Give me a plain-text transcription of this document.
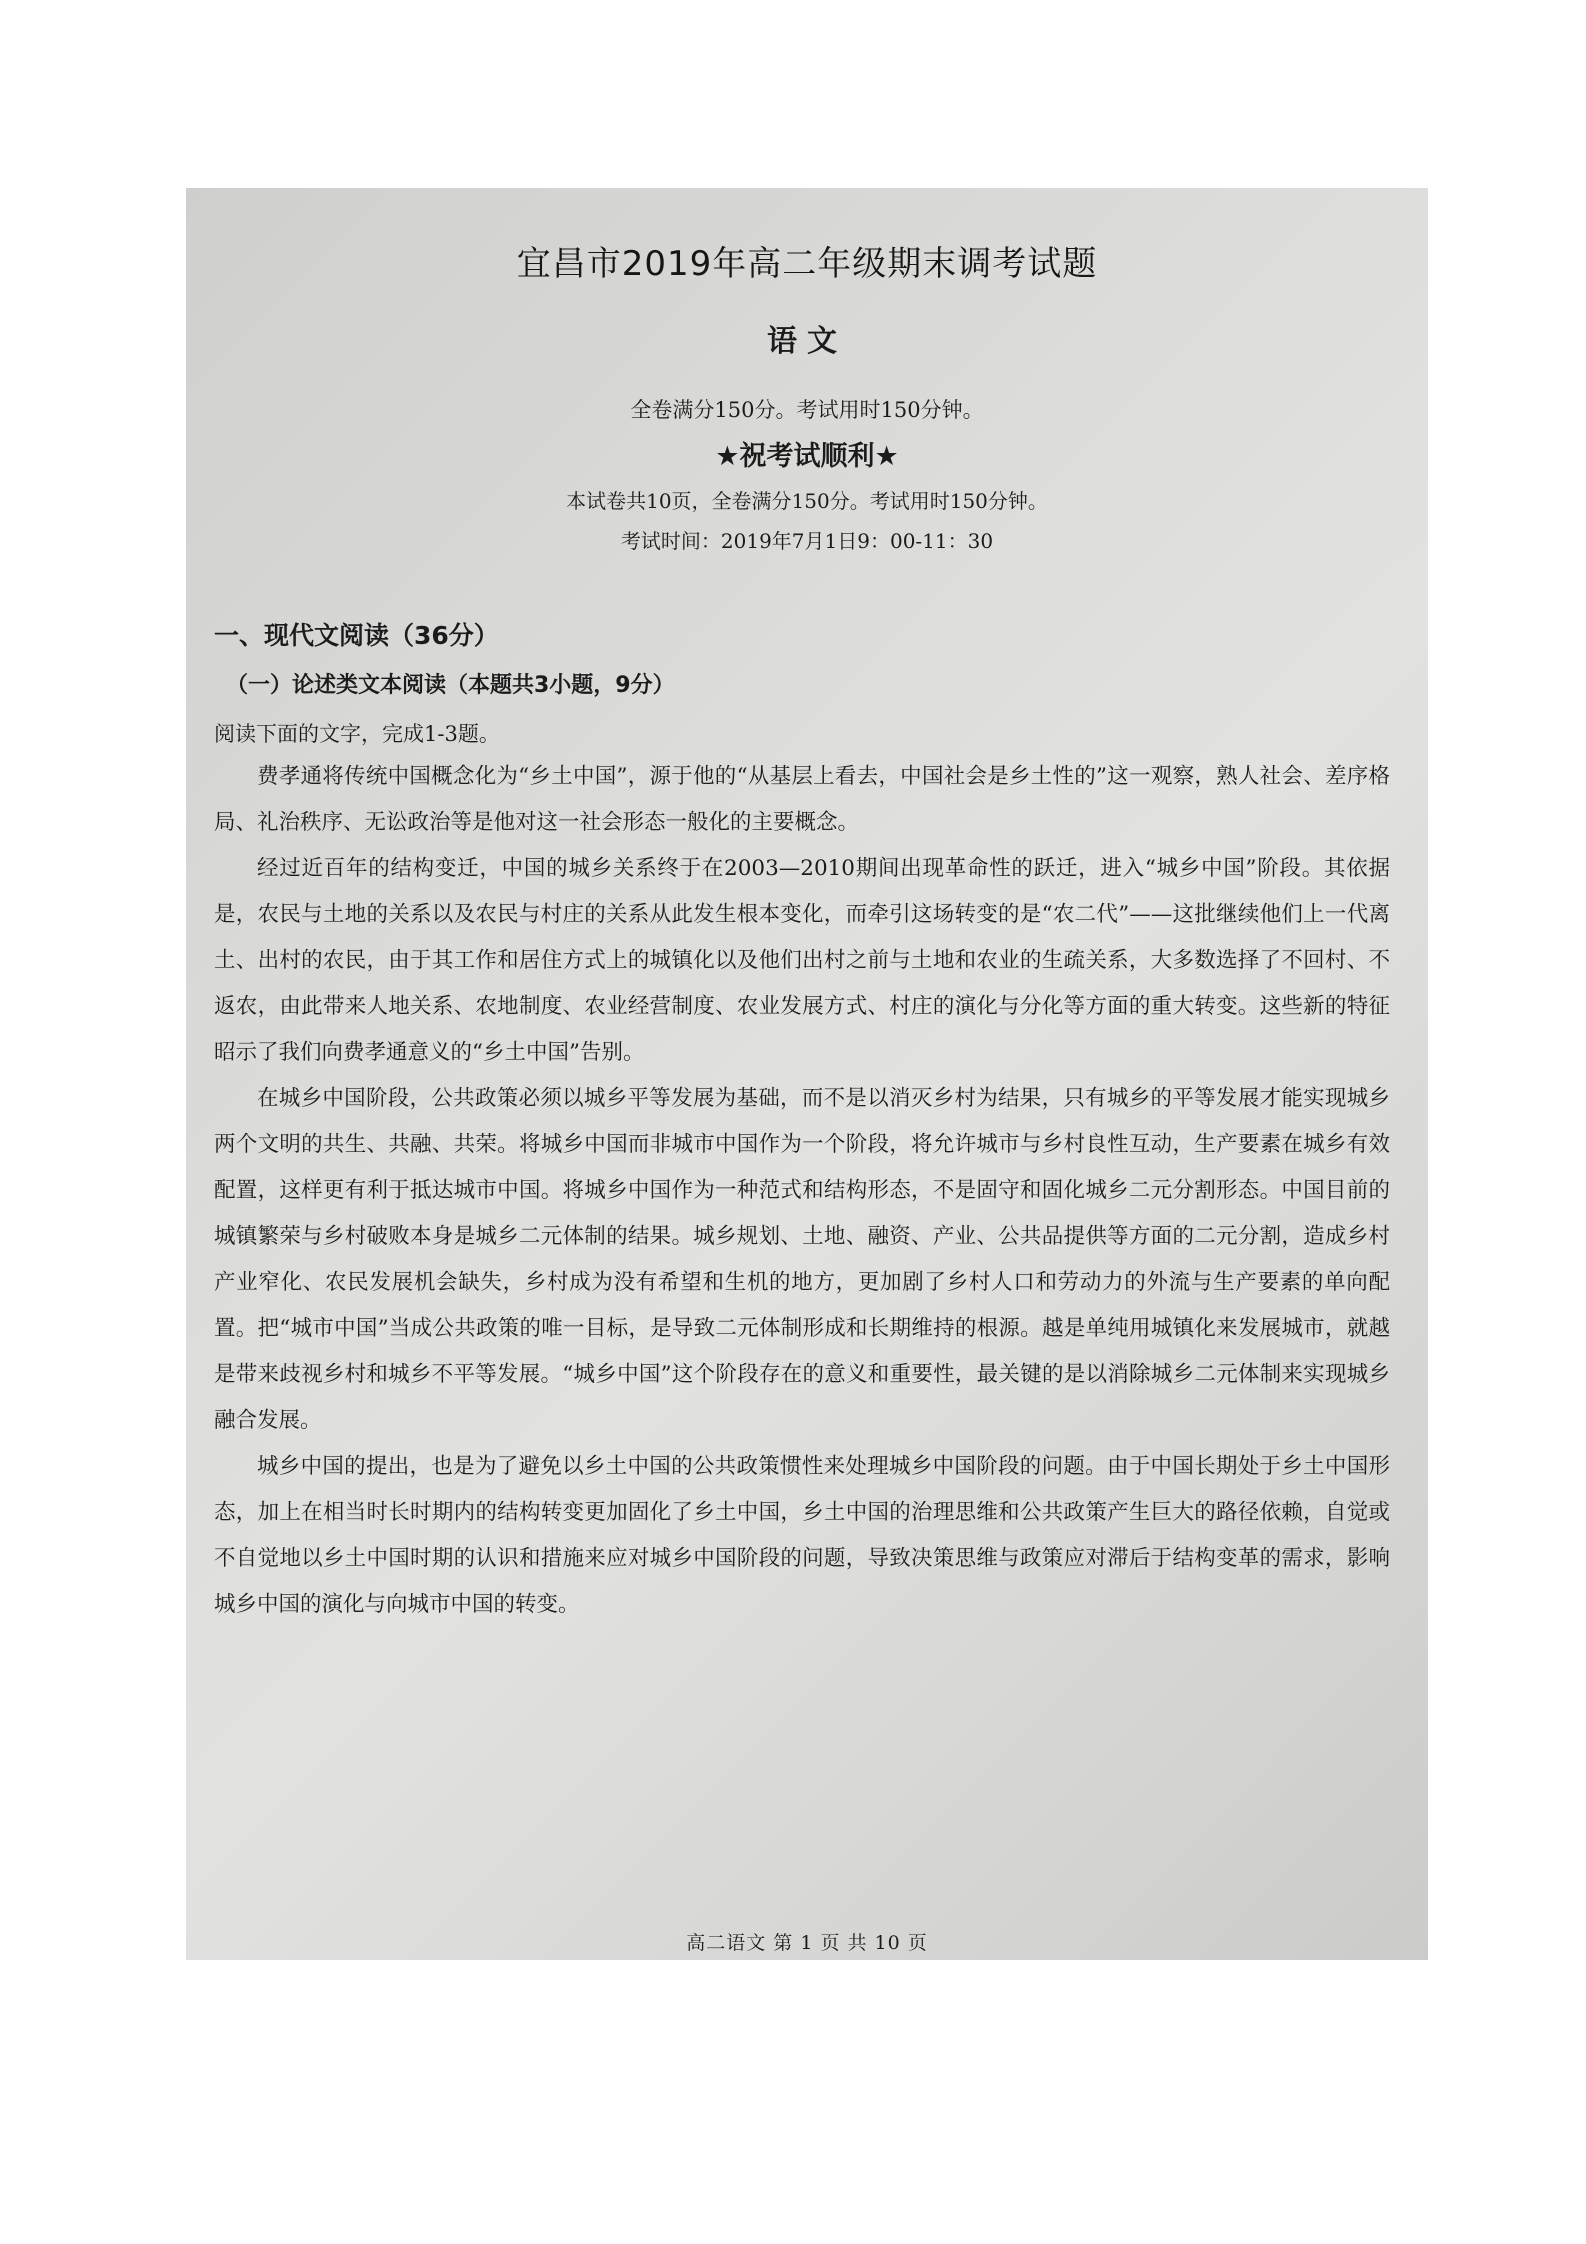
宜昌市2019年高二年级期末调考试题
语文
全卷满分150分。考试用时150分钟。
★祝考试顺利★
本试卷共10页，全卷满分150分。考试用时150分钟。
考试时间：2019年7月1日9：00-11：30
一、现代文阅读（36分）
（一）论述类文本阅读（本题共3小题，9分）
阅读下面的文字，完成1-3题。

费孝通将传统中国概念化为“乡土中国”，源于他的“从基层上看去，中国社会是乡土性的”这一观察，熟人社会、差序格局、礼治秩序、无讼政治等是他对这一社会形态一般化的主要概念。

经过近百年的结构变迁，中国的城乡关系终于在2003—2010期间出现革命性的跃迁，进入“城乡中国”阶段。其依据是，农民与土地的关系以及农民与村庄的关系从此发生根本变化，而牵引这场转变的是“农二代”——这批继续他们上一代离土、出村的农民，由于其工作和居住方式上的城镇化以及他们出村之前与土地和农业的生疏关系，大多数选择了不回村、不返农，由此带来人地关系、农地制度、农业经营制度、农业发展方式、村庄的演化与分化等方面的重大转变。这些新的特征昭示了我们向费孝通意义的“乡土中国”告别。

在城乡中国阶段，公共政策必须以城乡平等发展为基础，而不是以消灭乡村为结果，只有城乡的平等发展才能实现城乡两个文明的共生、共融、共荣。将城乡中国而非城市中国作为一个阶段，将允许城市与乡村良性互动，生产要素在城乡有效配置，这样更有利于抵达城市中国。将城乡中国作为一种范式和结构形态，不是固守和固化城乡二元分割形态。中国目前的城镇繁荣与乡村破败本身是城乡二元体制的结果。城乡规划、土地、融资、产业、公共品提供等方面的二元分割，造成乡村产业窄化、农民发展机会缺失，乡村成为没有希望和生机的地方，更加剧了乡村人口和劳动力的外流与生产要素的单向配置。把“城市中国”当成公共政策的唯一目标，是导致二元体制形成和长期维持的根源。越是单纯用城镇化来发展城市，就越是带来歧视乡村和城乡不平等发展。“城乡中国”这个阶段存在的意义和重要性，最关键的是以消除城乡二元体制来实现城乡融合发展。

城乡中国的提出，也是为了避免以乡土中国的公共政策惯性来处理城乡中国阶段的问题。由于中国长期处于乡土中国形态，加上在相当时长时期内的结构转变更加固化了乡土中国，乡土中国的治理思维和公共政策产生巨大的路径依赖，自觉或不自觉地以乡土中国时期的认识和措施来应对城乡中国阶段的问题，导致决策思维与政策应对滞后于结构变革的需求，影响城乡中国的演化与向城市中国的转变。

高二语文 第 1 页 共 10 页
